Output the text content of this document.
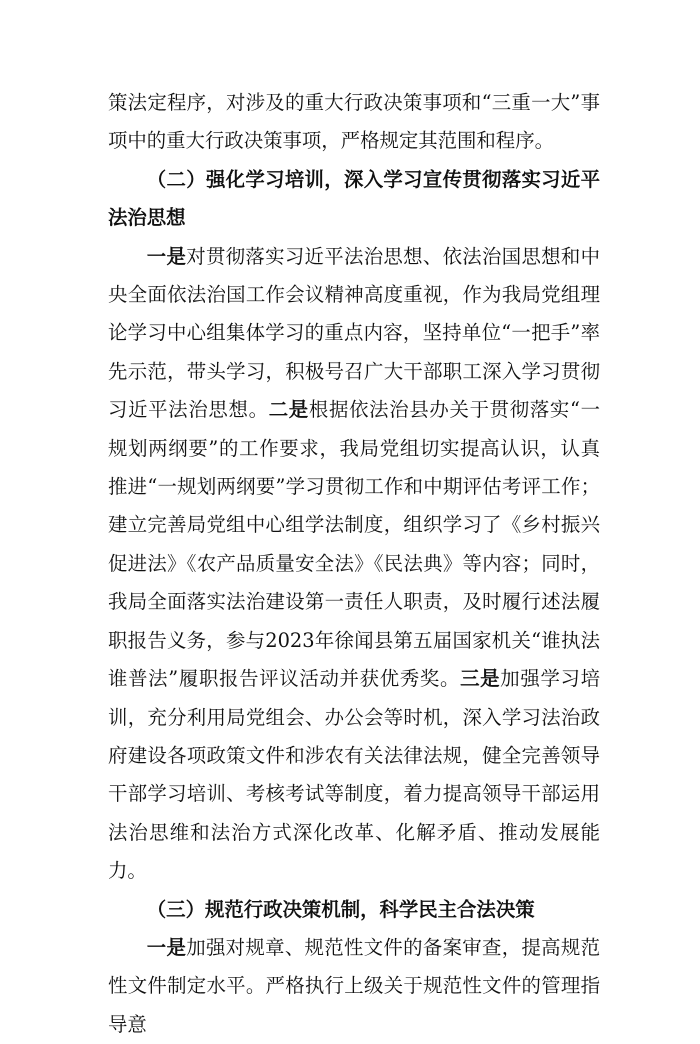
策法定程序，对涉及的重大行政决策事项和“三重一大”事项中的重大行政决策事项，严格规定其范围和程序。

（二）强化学习培训，深入学习宣传贯彻落实习近平法治思想

一是对贯彻落实习近平法治思想、依法治国思想和中央全面依法治国工作会议精神高度重视，作为我局党组理论学习中心组集体学习的重点内容，坚持单位“一把手”率先示范，带头学习，积极号召广大干部职工深入学习贯彻习近平法治思想。二是根据依法治县办关于贯彻落实“一规划两纲要”的工作要求，我局党组切实提高认识，认真推进“一规划两纲要”学习贯彻工作和中期评估考评工作；建立完善局党组中心组学法制度，组织学习了《乡村振兴促进法》《农产品质量安全法》《民法典》等内容；同时，我局全面落实法治建设第一责任人职责，及时履行述法履职报告义务，参与2023年徐闻县第五届国家机关“谁执法谁普法”履职报告评议活动并获优秀奖。三是加强学习培训，充分利用局党组会、办公会等时机，深入学习法治政府建设各项政策文件和涉农有关法律法规，健全完善领导干部学习培训、考核考试等制度，着力提高领导干部运用法治思维和法治方式深化改革、化解矛盾、推动发展能力。

（三）规范行政决策机制，科学民主合法决策

一是加强对规章、规范性文件的备案审查，提高规范性文件制定水平。严格执行上级关于规范性文件的管理指导意
